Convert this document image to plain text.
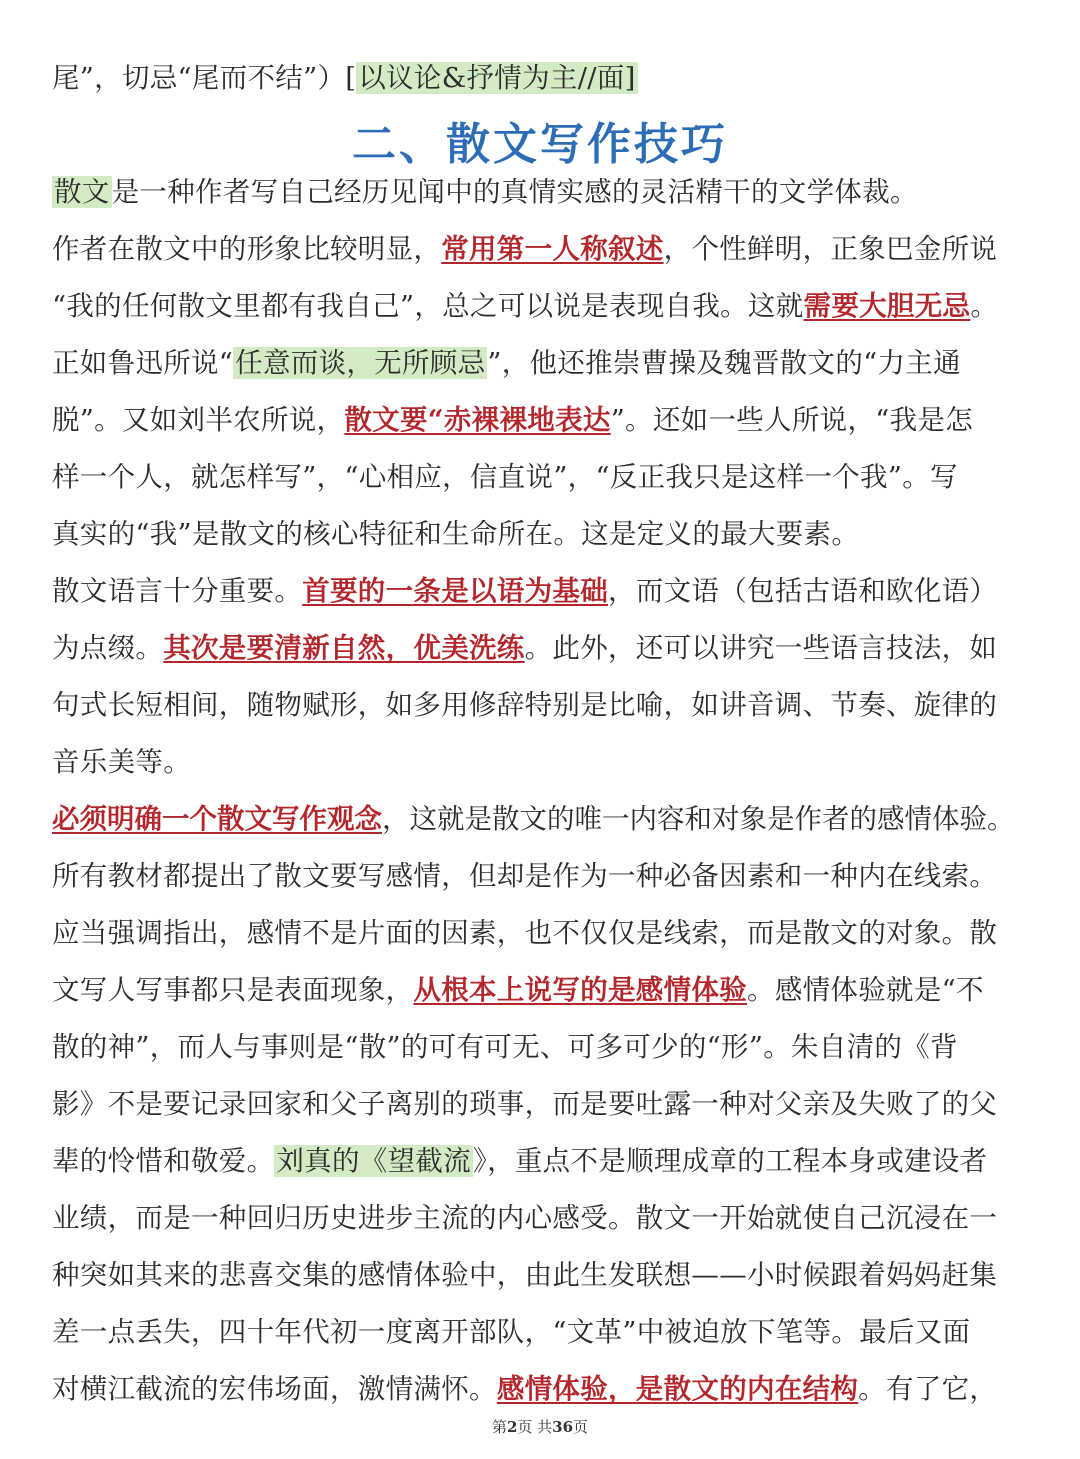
尾”，切忌“尾而不结”）[以议论&抒情为主//面]
二、散文写作技巧
散文是一种作者写自己经历见闻中的真情实感的灵活精干的文学体裁。
作者在散文中的形象比较明显，常用第一人称叙述，个性鲜明，正象巴金所说
“我的任何散文里都有我自己”，总之可以说是表现自我。这就需要大胆无忌。
正如鲁迅所说“任意而谈，无所顾忌”，他还推崇曹操及魏晋散文的“力主通
脱”。又如刘半农所说，散文要“赤裸裸地表达”。还如一些人所说，“我是怎
样一个人，就怎样写”，“心相应，信直说”，“反正我只是这样一个我”。写
真实的“我”是散文的核心特征和生命所在。这是定义的最大要素。
散文语言十分重要。首要的一条是以语为基础，而文语（包括古语和欧化语）
为点缀。其次是要清新自然，优美洗练。此外，还可以讲究一些语言技法，如
句式长短相间，随物赋形，如多用修辞特别是比喻，如讲音调、节奏、旋律的
音乐美等。
必须明确一个散文写作观念，这就是散文的唯一内容和对象是作者的感情体验。
所有教材都提出了散文要写感情，但却是作为一种必备因素和一种内在线索。
应当强调指出，感情不是片面的因素，也不仅仅是线索，而是散文的对象。散
文写人写事都只是表面现象，从根本上说写的是感情体验。感情体验就是“不
散的神”，而人与事则是“散”的可有可无、可多可少的“形”。朱自清的《背
影》不是要记录回家和父子离别的琐事，而是要吐露一种对父亲及失败了的父
辈的怜惜和敬爱。刘真的《望截流》，重点不是顺理成章的工程本身或建设者
业绩，而是一种回归历史进步主流的内心感受。散文一开始就使自己沉浸在一
种突如其来的悲喜交集的感情体验中，由此生发联想——小时候跟着妈妈赶集
差一点丢失，四十年代初一度离开部队，“文革”中被迫放下笔等。最后又面
对横江截流的宏伟场面，激情满怀。感情体验，是散文的内在结构。有了它，
第2页 共36页
